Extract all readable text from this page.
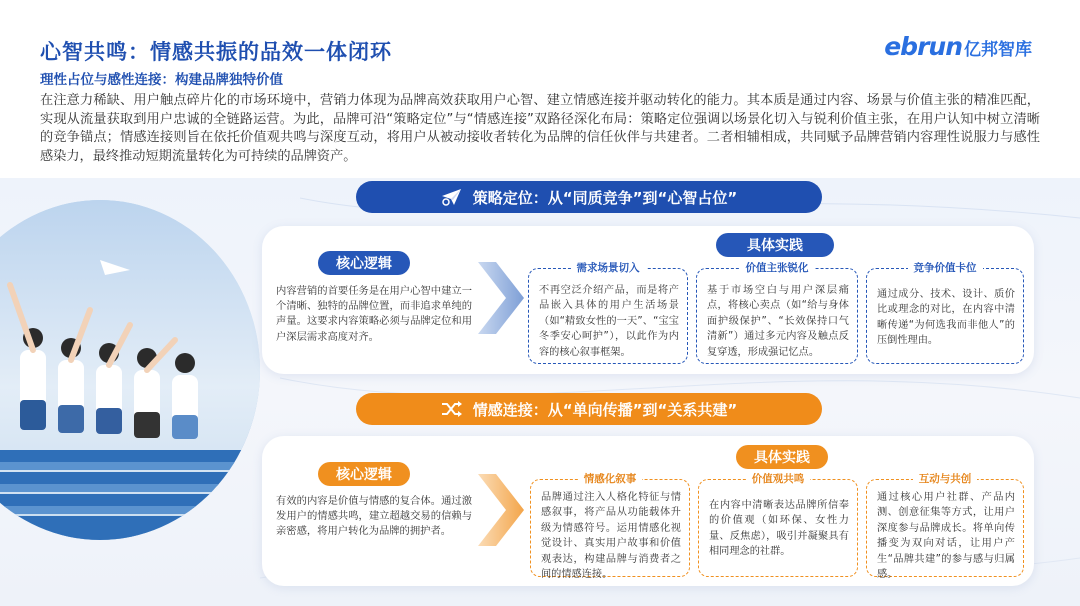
心智共鸣：情感共振的品效一体闭环
理性占位与感性连接：构建品牌独特价值
ebrun 亿邦智库
在注意力稀缺、用户触点碎片化的市场环境中，营销力体现为品牌高效获取用户心智、建立情感连接并驱动转化的能力。其本质是通过内容、场景与价值主张的精准匹配，实现从流量获取到用户忠诚的全链路运营。为此，品牌可沿“策略定位”与“情感连接”双路径深化布局：策略定位强调以场景化切入与锐利价值主张，在用户认知中树立清晰的竞争锚点；情感连接则旨在依托价值观共鸣与深度互动，将用户从被动接收者转化为品牌的信任伙伴与共建者。二者相辅相成，共同赋予品牌营销内容理性说服力与感性感染力，最终推动短期流量转化为可持续的品牌资产。
策略定位：从“同质竞争”到“心智占位”
核心逻辑
内容营销的首要任务是在用户心智中建立一个清晰、独特的品牌位置，而非追求单纯的声量。这要求内容策略必须与品牌定位和用户深层需求高度对齐。
具体实践
需求场景切入
不再空泛介绍产品，而是将产品嵌入具体的用户生活场景（如“精致女性的一天”、“宝宝冬季安心呵护”），以此作为内容的核心叙事框架。
价值主张锐化
基于市场空白与用户深层痛点，将核心卖点（如“给与身体面护级保护”、“长效保持口气清新”）通过多元内容及触点反复穿透，形成强记忆点。
竞争价值卡位
通过成分、技术、设计、质价比或理念的对比，在内容中清晰传递“为何选我而非他人”的压倒性理由。
情感连接：从“单向传播”到“关系共建”
核心逻辑
有效的内容是价值与情感的复合体。通过激发用户的情感共鸣，建立超越交易的信赖与亲密感，将用户转化为品牌的拥护者。
具体实践
情感化叙事
品牌通过注入人格化特征与情感叙事，将产品从功能载体升级为情感符号。运用情感化视觉设计、真实用户故事和价值观表达，构建品牌与消费者之间的情感连接。
价值观共鸣
在内容中清晰表达品牌所信奉的价值观（如环保、女性力量、反焦虑），吸引并凝聚具有相同理念的社群。
互动与共创
通过核心用户社群、产品内测、创意征集等方式，让用户深度参与品牌成长。将单向传播变为双向对话，让用户产生“品牌共建”的参与感与归属感。
